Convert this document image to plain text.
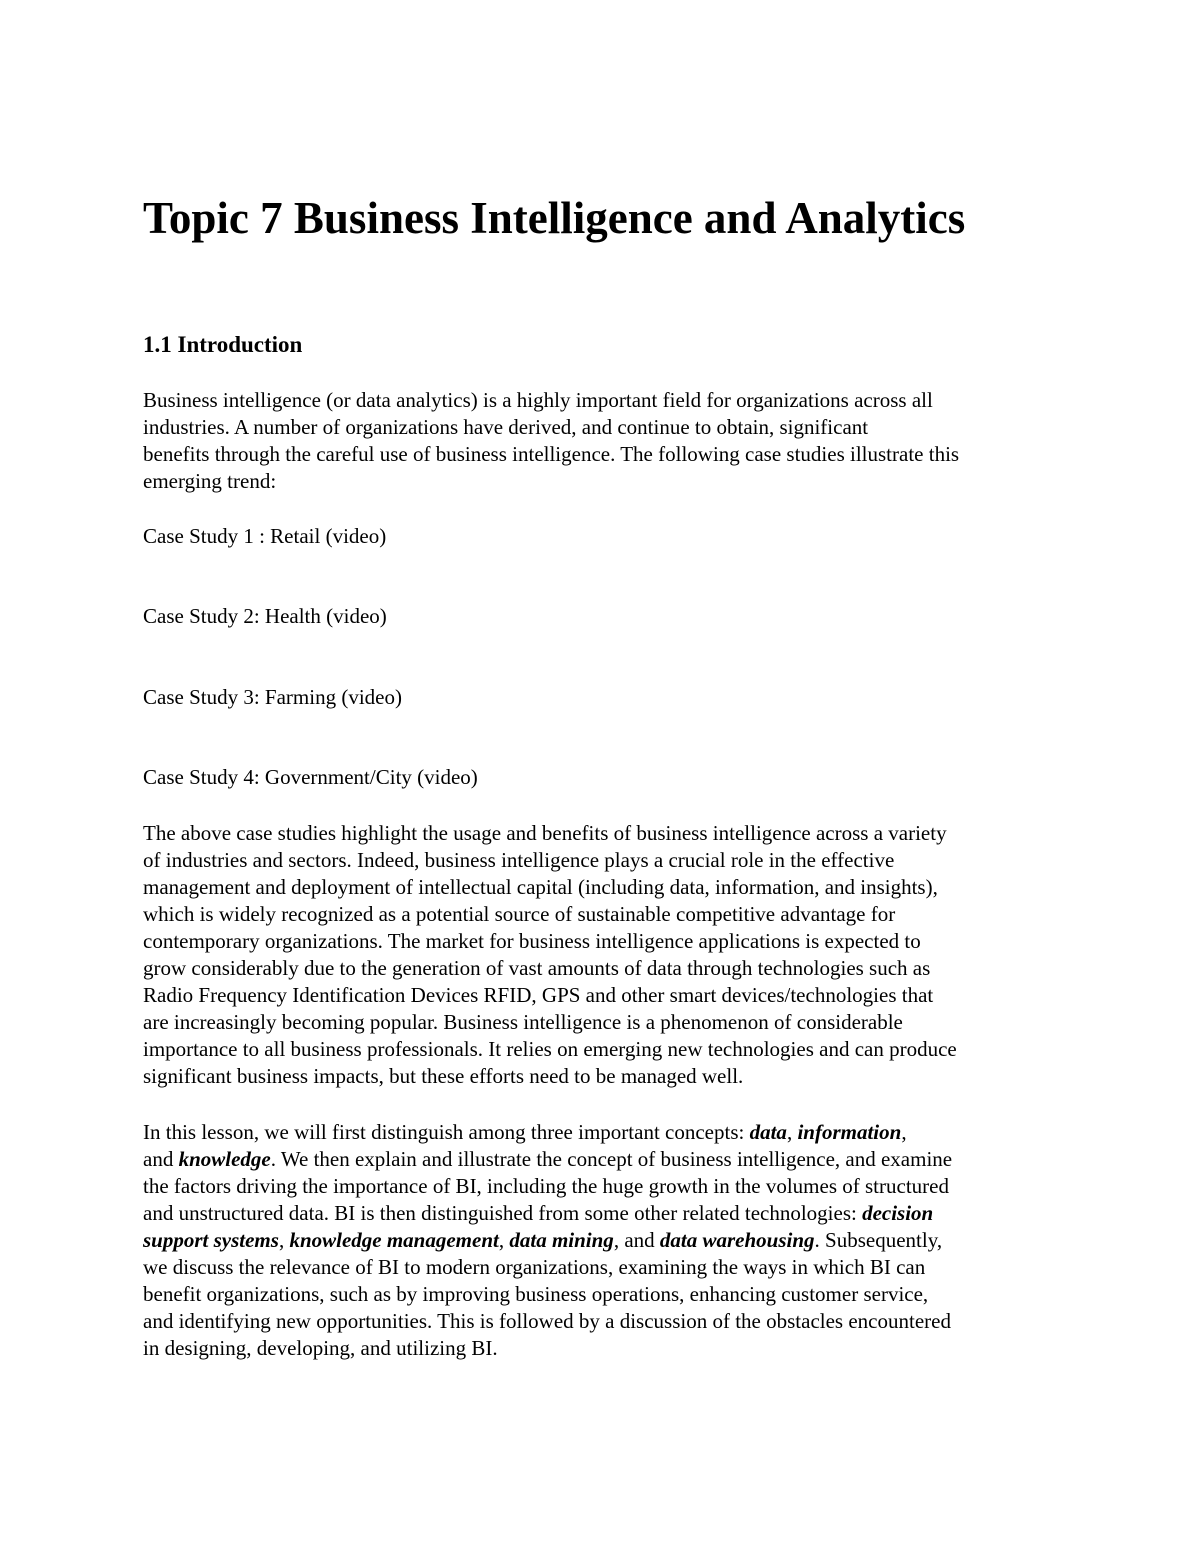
Topic 7 Business Intelligence and Analytics
1.1 Introduction

Business intelligence (or data analytics) is a highly important field for organizations across all
industries. A number of organizations have derived, and continue to obtain, significant
benefits through the careful use of business intelligence. The following case studies illustrate this
emerging trend:

Case Study 1 : Retail (video)

Case Study 2: Health (video)

Case Study 3: Farming (video)

Case Study 4: Government/City (video)

The above case studies highlight the usage and benefits of business intelligence across a variety
of industries and sectors. Indeed, business intelligence plays a crucial role in the effective
management and deployment of intellectual capital (including data, information, and insights),
which is widely recognized as a potential source of sustainable competitive advantage for
contemporary organizations. The market for business intelligence applications is expected to
grow considerably due to the generation of vast amounts of data through technologies such as
Radio Frequency Identification Devices RFID, GPS and other smart devices/technologies that
are increasingly becoming popular. Business intelligence is a phenomenon of considerable
importance to all business professionals. It relies on emerging new technologies and can produce
significant business impacts, but these efforts need to be managed well.

In this lesson, we will first distinguish among three important concepts: data, information,
and knowledge. We then explain and illustrate the concept of business intelligence, and examine
the factors driving the importance of BI, including the huge growth in the volumes of structured
and unstructured data. BI is then distinguished from some other related technologies: decision
support systems, knowledge management, data mining, and data warehousing. Subsequently,
we discuss the relevance of BI to modern organizations, examining the ways in which BI can
benefit organizations, such as by improving business operations, enhancing customer service,
and identifying new opportunities. This is followed by a discussion of the obstacles encountered
in designing, developing, and utilizing BI.
